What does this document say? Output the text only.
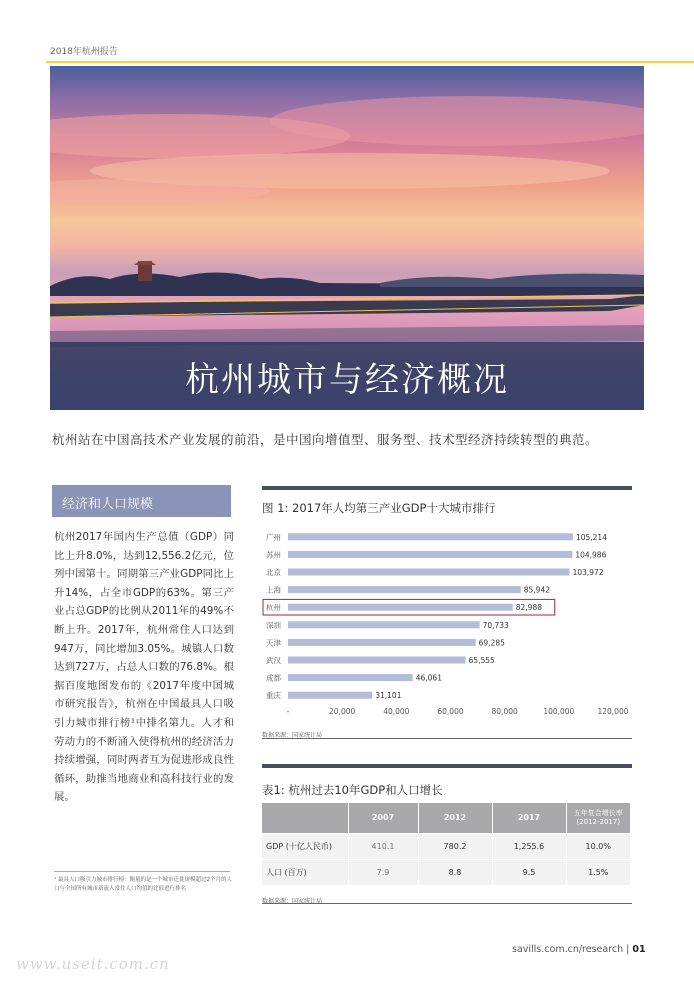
2018年杭州报告
杭州城市与经济概况
杭州站在中国高技术产业发展的前沿，是中国向增值型、服务型、技术型经济持续转型的典范。
经济和人口规模
杭州2017年国内生产总值（GDP）同比上升8.0%，达到12,556.2亿元，位列中国第十。同期第三产业GDP同比上升14%，占全市GDP的63%。第三产业占总GDP的比例从2011年的49%不断上升。2017年，杭州常住人口达到947万，同比增加3.05%。城镇人口数达到727万，占总人口数的76.8%。根据百度地图发布的《2017年度中国城市研究报告》，杭州在中国最具人口吸引力城市排行榜¹中排名第九。人才和劳动力的不断涌入使得杭州的经济活力持续增强，同时两者互为促进形成良性循环，助推当地商业和高科技行业的发展。
¹ 最具人口吸引力城市排行榜：衡量的是一个城市迁徙规模超过2个月的人口与全国所有城市新流入常住人口均值的比值进行排名
图 1: 2017年人均第三产业GDP十大城市排行
广州	105,214
苏州	104,986
北京	103,972
上海	85,942
杭州	82,988
深圳	70,733
天津	69,285
武汉	65,555
成都	46,061
重庆	31,101
-	20,000	40,000	60,000	80,000	100,000	120,000
数据来源：国家统计局
表1: 杭州过去10年GDP和人口增长
	2007	2012	2017	五年复合增长率 (2012-2017)
GDP (十亿人民币)	410.1	780.2	1,255.6	10.0%
人口 (百万)	7.9	8.8	9.5	1.5%
数据来源：国家统计局
savills.com.cn/research | 01
www.useit.com.cn
